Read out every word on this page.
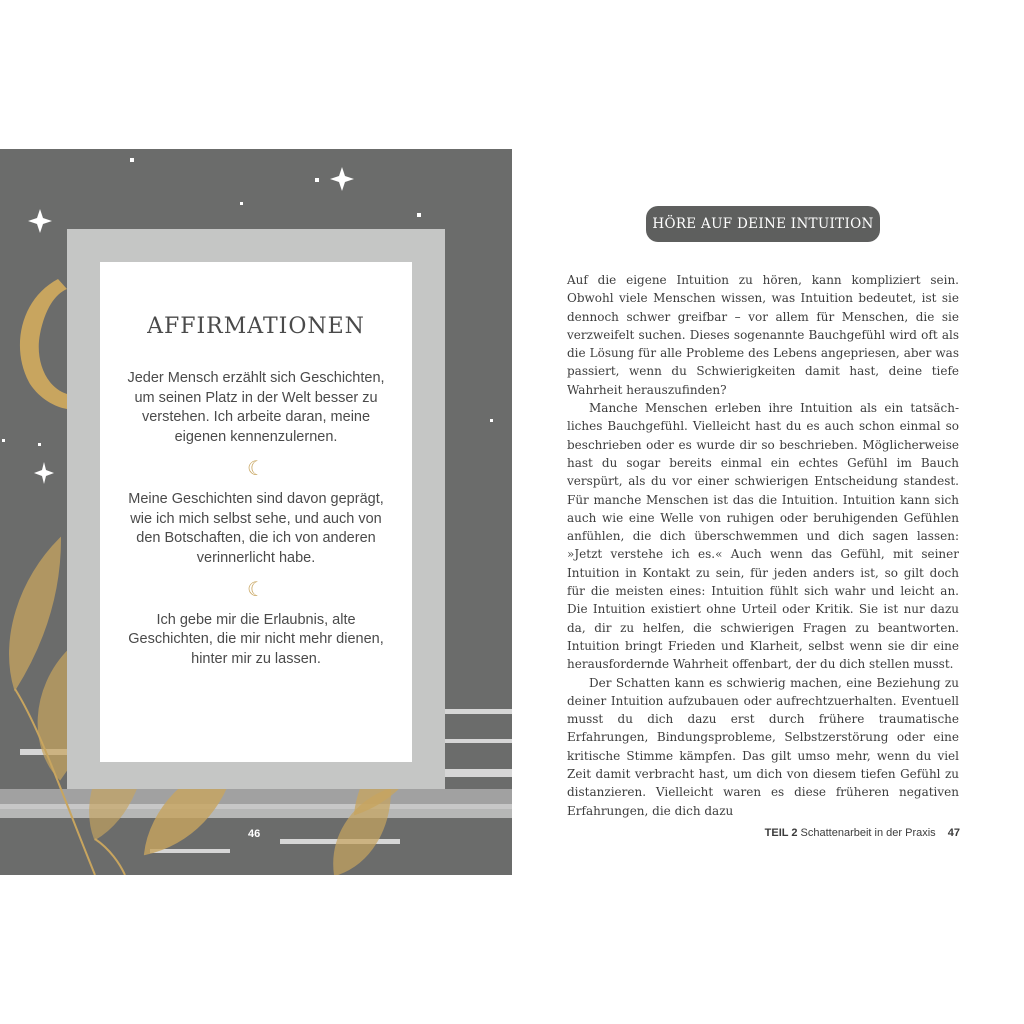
AFFIRMATIONEN

Jeder Mensch erzählt sich Geschichten, um seinen Platz in der Welt besser zu verstehen. Ich arbeite daran, meine eigenen kennenzulernen.

☾

Meine Geschichten sind davon geprägt, wie ich mich selbst sehe, und auch von den Botschaften, die ich von anderen verinnerlicht habe.

☾

Ich gebe mir die Erlaubnis, alte Geschichten, die mir nicht mehr dienen, hinter mir zu lassen.

46
HÖRE AUF DEINE INTUITION

Auf die eigene Intuition zu hören, kann kompliziert sein. Obwohl viele Menschen wissen, was Intuition bedeutet, ist sie dennoch schwer greifbar – vor allem für Menschen, die sie verzweifelt suchen. Dieses sogenannte Bauchgefühl wird oft als die Lösung für alle Probleme des Lebens angepriesen, aber was passiert, wenn du Schwierigkeiten damit hast, deine tiefe Wahrheit herauszufinden?

Manche Menschen erleben ihre Intuition als ein tatsächliches Bauchgefühl. Vielleicht hast du es auch schon einmal so beschrieben oder es wurde dir so beschrieben. Möglicherweise hast du sogar bereits einmal ein echtes Gefühl im Bauch verspürt, als du vor einer schwierigen Entscheidung standest. Für manche Menschen ist das die Intuition. Intuition kann sich auch wie eine Welle von ruhigen oder beruhigenden Gefühlen anfühlen, die dich überschwemmen und dich sagen lassen: »Jetzt verstehe ich es.« Auch wenn das Gefühl, mit seiner Intuition in Kontakt zu sein, für jeden anders ist, so gilt doch für die meisten eines: Intuition fühlt sich wahr und leicht an. Die Intuition existiert ohne Urteil oder Kritik. Sie ist nur dazu da, dir zu helfen, die schwierigen Fragen zu beantworten. Intuition bringt Frieden und Klarheit, selbst wenn sie dir eine herausfordernde Wahrheit offenbart, der du dich stellen musst.

Der Schatten kann es schwierig machen, eine Beziehung zu deiner Intuition aufzubauen oder aufrechtzuerhalten. Eventuell musst du dich dazu erst durch frühere traumatische Erfahrungen, Bindungsprobleme, Selbstzerstörung oder eine kritische Stimme kämpfen. Das gilt umso mehr, wenn du viel Zeit damit verbracht hast, um dich von diesem tiefen Gefühl zu distanzieren. Vielleicht waren es diese früheren negativen Erfahrungen, die dich dazu

TEIL 2 Schattenarbeit in der Praxis 47
